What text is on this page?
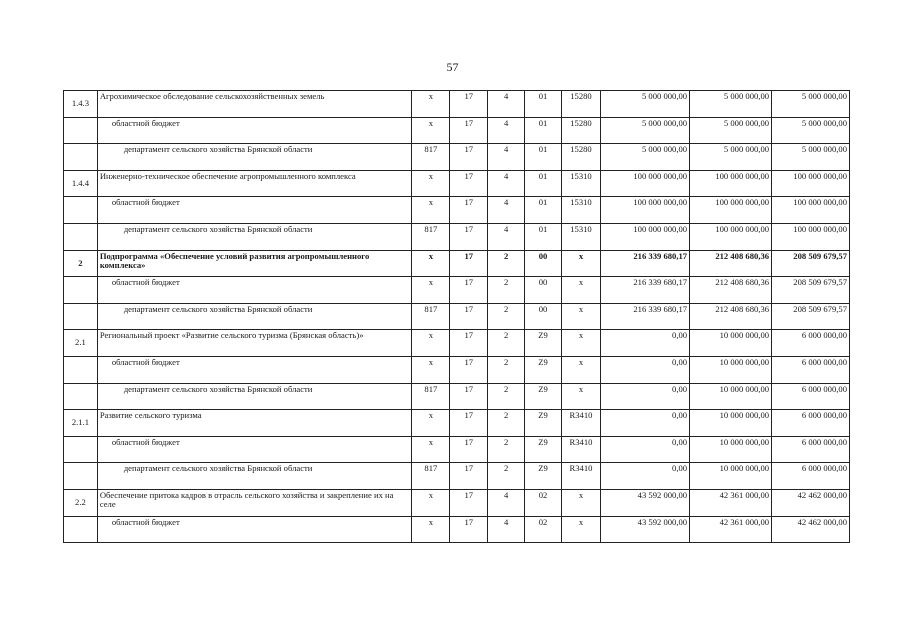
57
1.4.3	Агрохимическое обследование сельскохозяйственных земель	x	17	4	01	15280	5 000 000,00	5 000 000,00	5 000 000,00
	областной бюджет	x	17	4	01	15280	5 000 000,00	5 000 000,00	5 000 000,00
	департамент сельского хозяйства Брянской области	817	17	4	01	15280	5 000 000,00	5 000 000,00	5 000 000,00
1.4.4	Инженерно-техническое обеспечение агропромышленного комплекса	x	17	4	01	15310	100 000 000,00	100 000 000,00	100 000 000,00
	областной бюджет	x	17	4	01	15310	100 000 000,00	100 000 000,00	100 000 000,00
	департамент сельского хозяйства Брянской области	817	17	4	01	15310	100 000 000,00	100 000 000,00	100 000 000,00
2	Подпрограмма «Обеспечение условий развития агропромышленного комплекса»	x	17	2	00	x	216 339 680,17	212 408 680,36	208 509 679,57
	областной бюджет	x	17	2	00	x	216 339 680,17	212 408 680,36	208 509 679,57
	департамент сельского хозяйства Брянской области	817	17	2	00	x	216 339 680,17	212 408 680,36	208 509 679,57
2.1	Региональный проект «Развитие сельского туризма (Брянская область)»	x	17	2	Z9	x	0,00	10 000 000,00	6 000 000,00
	областной бюджет	x	17	2	Z9	x	0,00	10 000 000,00	6 000 000,00
	департамент сельского хозяйства Брянской области	817	17	2	Z9	x	0,00	10 000 000,00	6 000 000,00
2.1.1	Развитие сельского туризма	x	17	2	Z9	R3410	0,00	10 000 000,00	6 000 000,00
	областной бюджет	x	17	2	Z9	R3410	0,00	10 000 000,00	6 000 000,00
	департамент сельского хозяйства Брянской области	817	17	2	Z9	R3410	0,00	10 000 000,00	6 000 000,00
2.2	Обеспечение притока кадров в отрасль сельского хозяйства и закрепление их на селе	x	17	4	02	x	43 592 000,00	42 361 000,00	42 462 000,00
	областной бюджет	x	17	4	02	x	43 592 000,00	42 361 000,00	42 462 000,00
